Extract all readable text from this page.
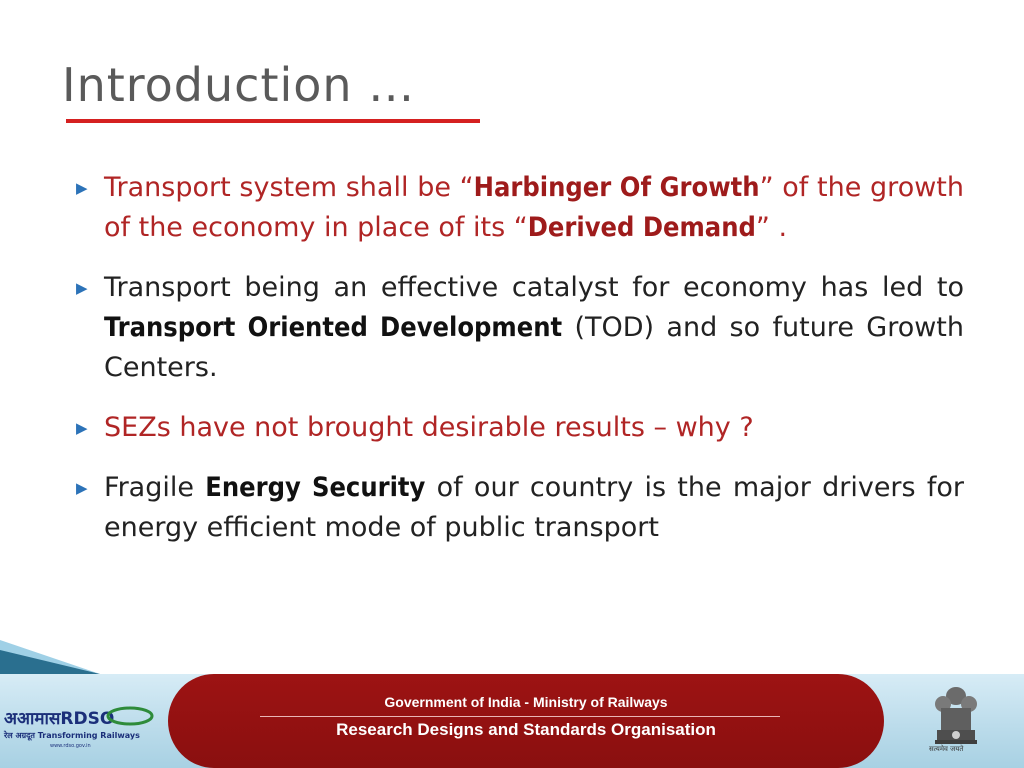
Introduction …
▶ Transport system shall be “Harbinger Of Growth” of the growth of the economy in place of its “Derived Demand” .
▶ Transport being an effective catalyst for economy has led to Transport Oriented Development (TOD) and so future Growth Centers.
▶ SEZs have not brought desirable results – why ?
▶ Fragile Energy Security of our country is the major drivers for energy efficient mode of public transport
अआमासRDSO
रेल अग्रदूत Transforming Railways
www.rdso.gov.in
Government of India - Ministry of Railways
Research Designs and Standards Organisation
सत्यमेव जयते
